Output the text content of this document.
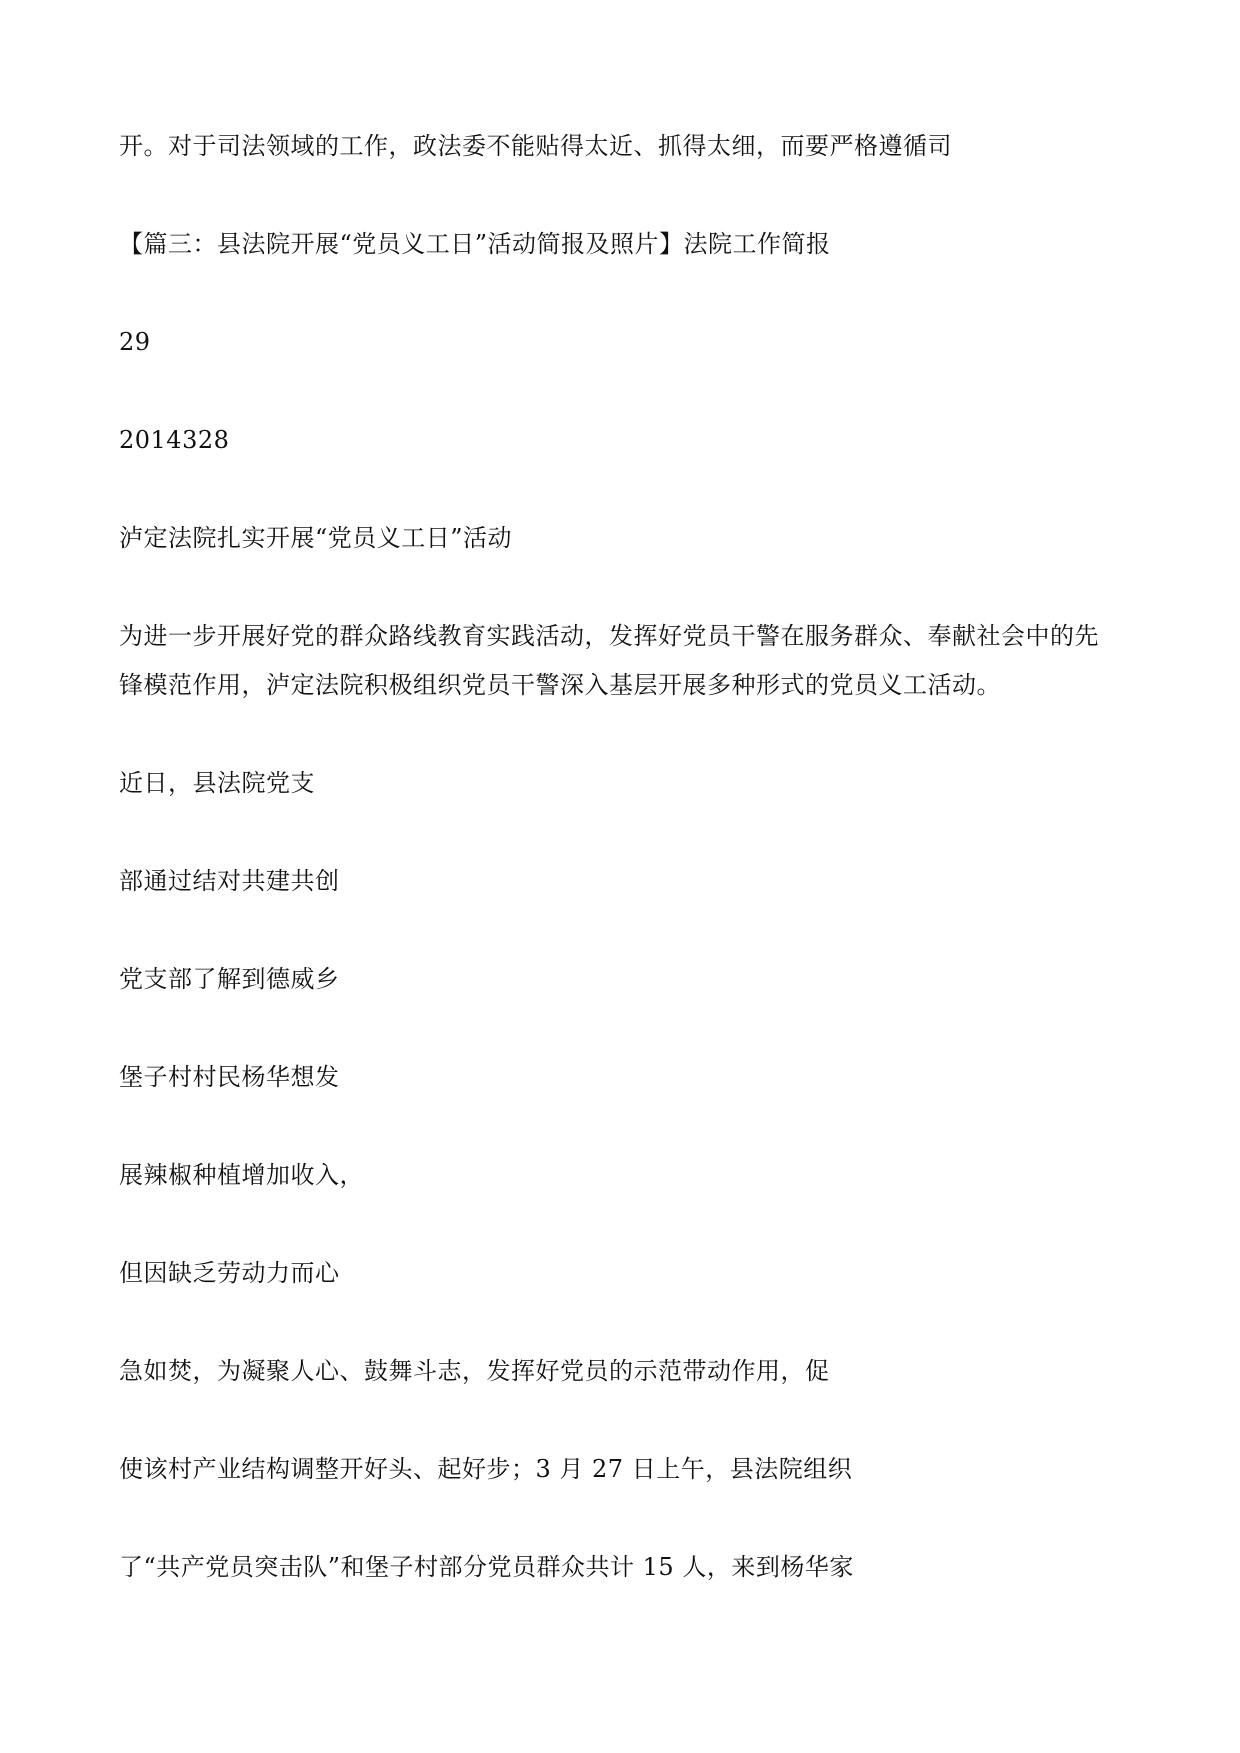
开。对于司法领域的工作，政法委不能贴得太近、抓得太细，而要严格遵循司

【篇三：县法院开展“党员义工日”活动简报及照片】法院工作简报

29

2014328

泸定法院扎实开展“党员义工日”活动

为进一步开展好党的群众路线教育实践活动，发挥好党员干警在服务群众、奉献社会中的先

锋模范作用，泸定法院积极组织党员干警深入基层开展多种形式的党员义工活动。

近日，县法院党支

部通过结对共建共创

党支部了解到德威乡

堡子村村民杨华想发

展辣椒种植增加收入，

但因缺乏劳动力而心

急如焚，为凝聚人心、鼓舞斗志，发挥好党员的示范带动作用，促

使该村产业结构调整开好头、起好步；3 月 27 日上午，县法院组织

了“共产党员突击队”和堡子村部分党员群众共计 15 人，来到杨华家
